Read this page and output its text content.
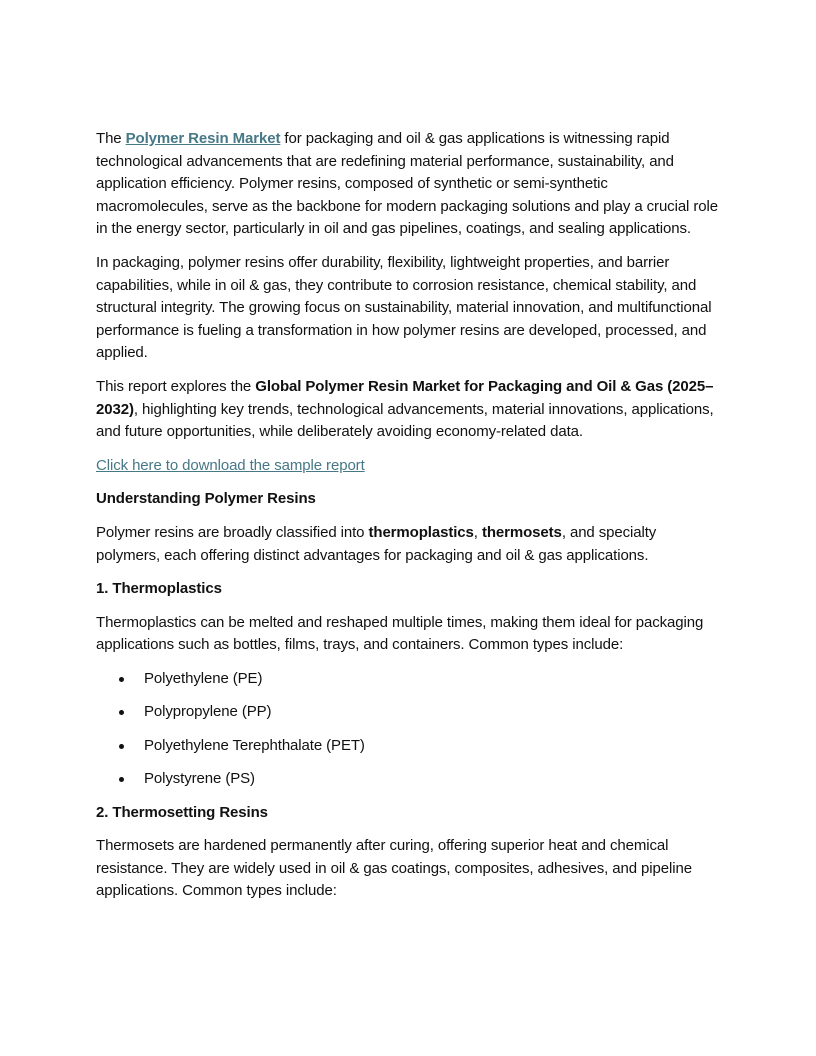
The Polymer Resin Market for packaging and oil & gas applications is witnessing rapid technological advancements that are redefining material performance, sustainability, and application efficiency. Polymer resins, composed of synthetic or semi-synthetic macromolecules, serve as the backbone for modern packaging solutions and play a crucial role in the energy sector, particularly in oil and gas pipelines, coatings, and sealing applications.

In packaging, polymer resins offer durability, flexibility, lightweight properties, and barrier capabilities, while in oil & gas, they contribute to corrosion resistance, chemical stability, and structural integrity. The growing focus on sustainability, material innovation, and multifunctional performance is fueling a transformation in how polymer resins are developed, processed, and applied.

This report explores the Global Polymer Resin Market for Packaging and Oil & Gas (2025–2032), highlighting key trends, technological advancements, material innovations, applications, and future opportunities, while deliberately avoiding economy-related data.

Click here to download the sample report

Understanding Polymer Resins

Polymer resins are broadly classified into thermoplastics, thermosets, and specialty polymers, each offering distinct advantages for packaging and oil & gas applications.

1. Thermoplastics

Thermoplastics can be melted and reshaped multiple times, making them ideal for packaging applications such as bottles, films, trays, and containers. Common types include:

Polyethylene (PE)
Polypropylene (PP)
Polyethylene Terephthalate (PET)
Polystyrene (PS)

2. Thermosetting Resins

Thermosets are hardened permanently after curing, offering superior heat and chemical resistance. They are widely used in oil & gas coatings, composites, adhesives, and pipeline applications. Common types include:
